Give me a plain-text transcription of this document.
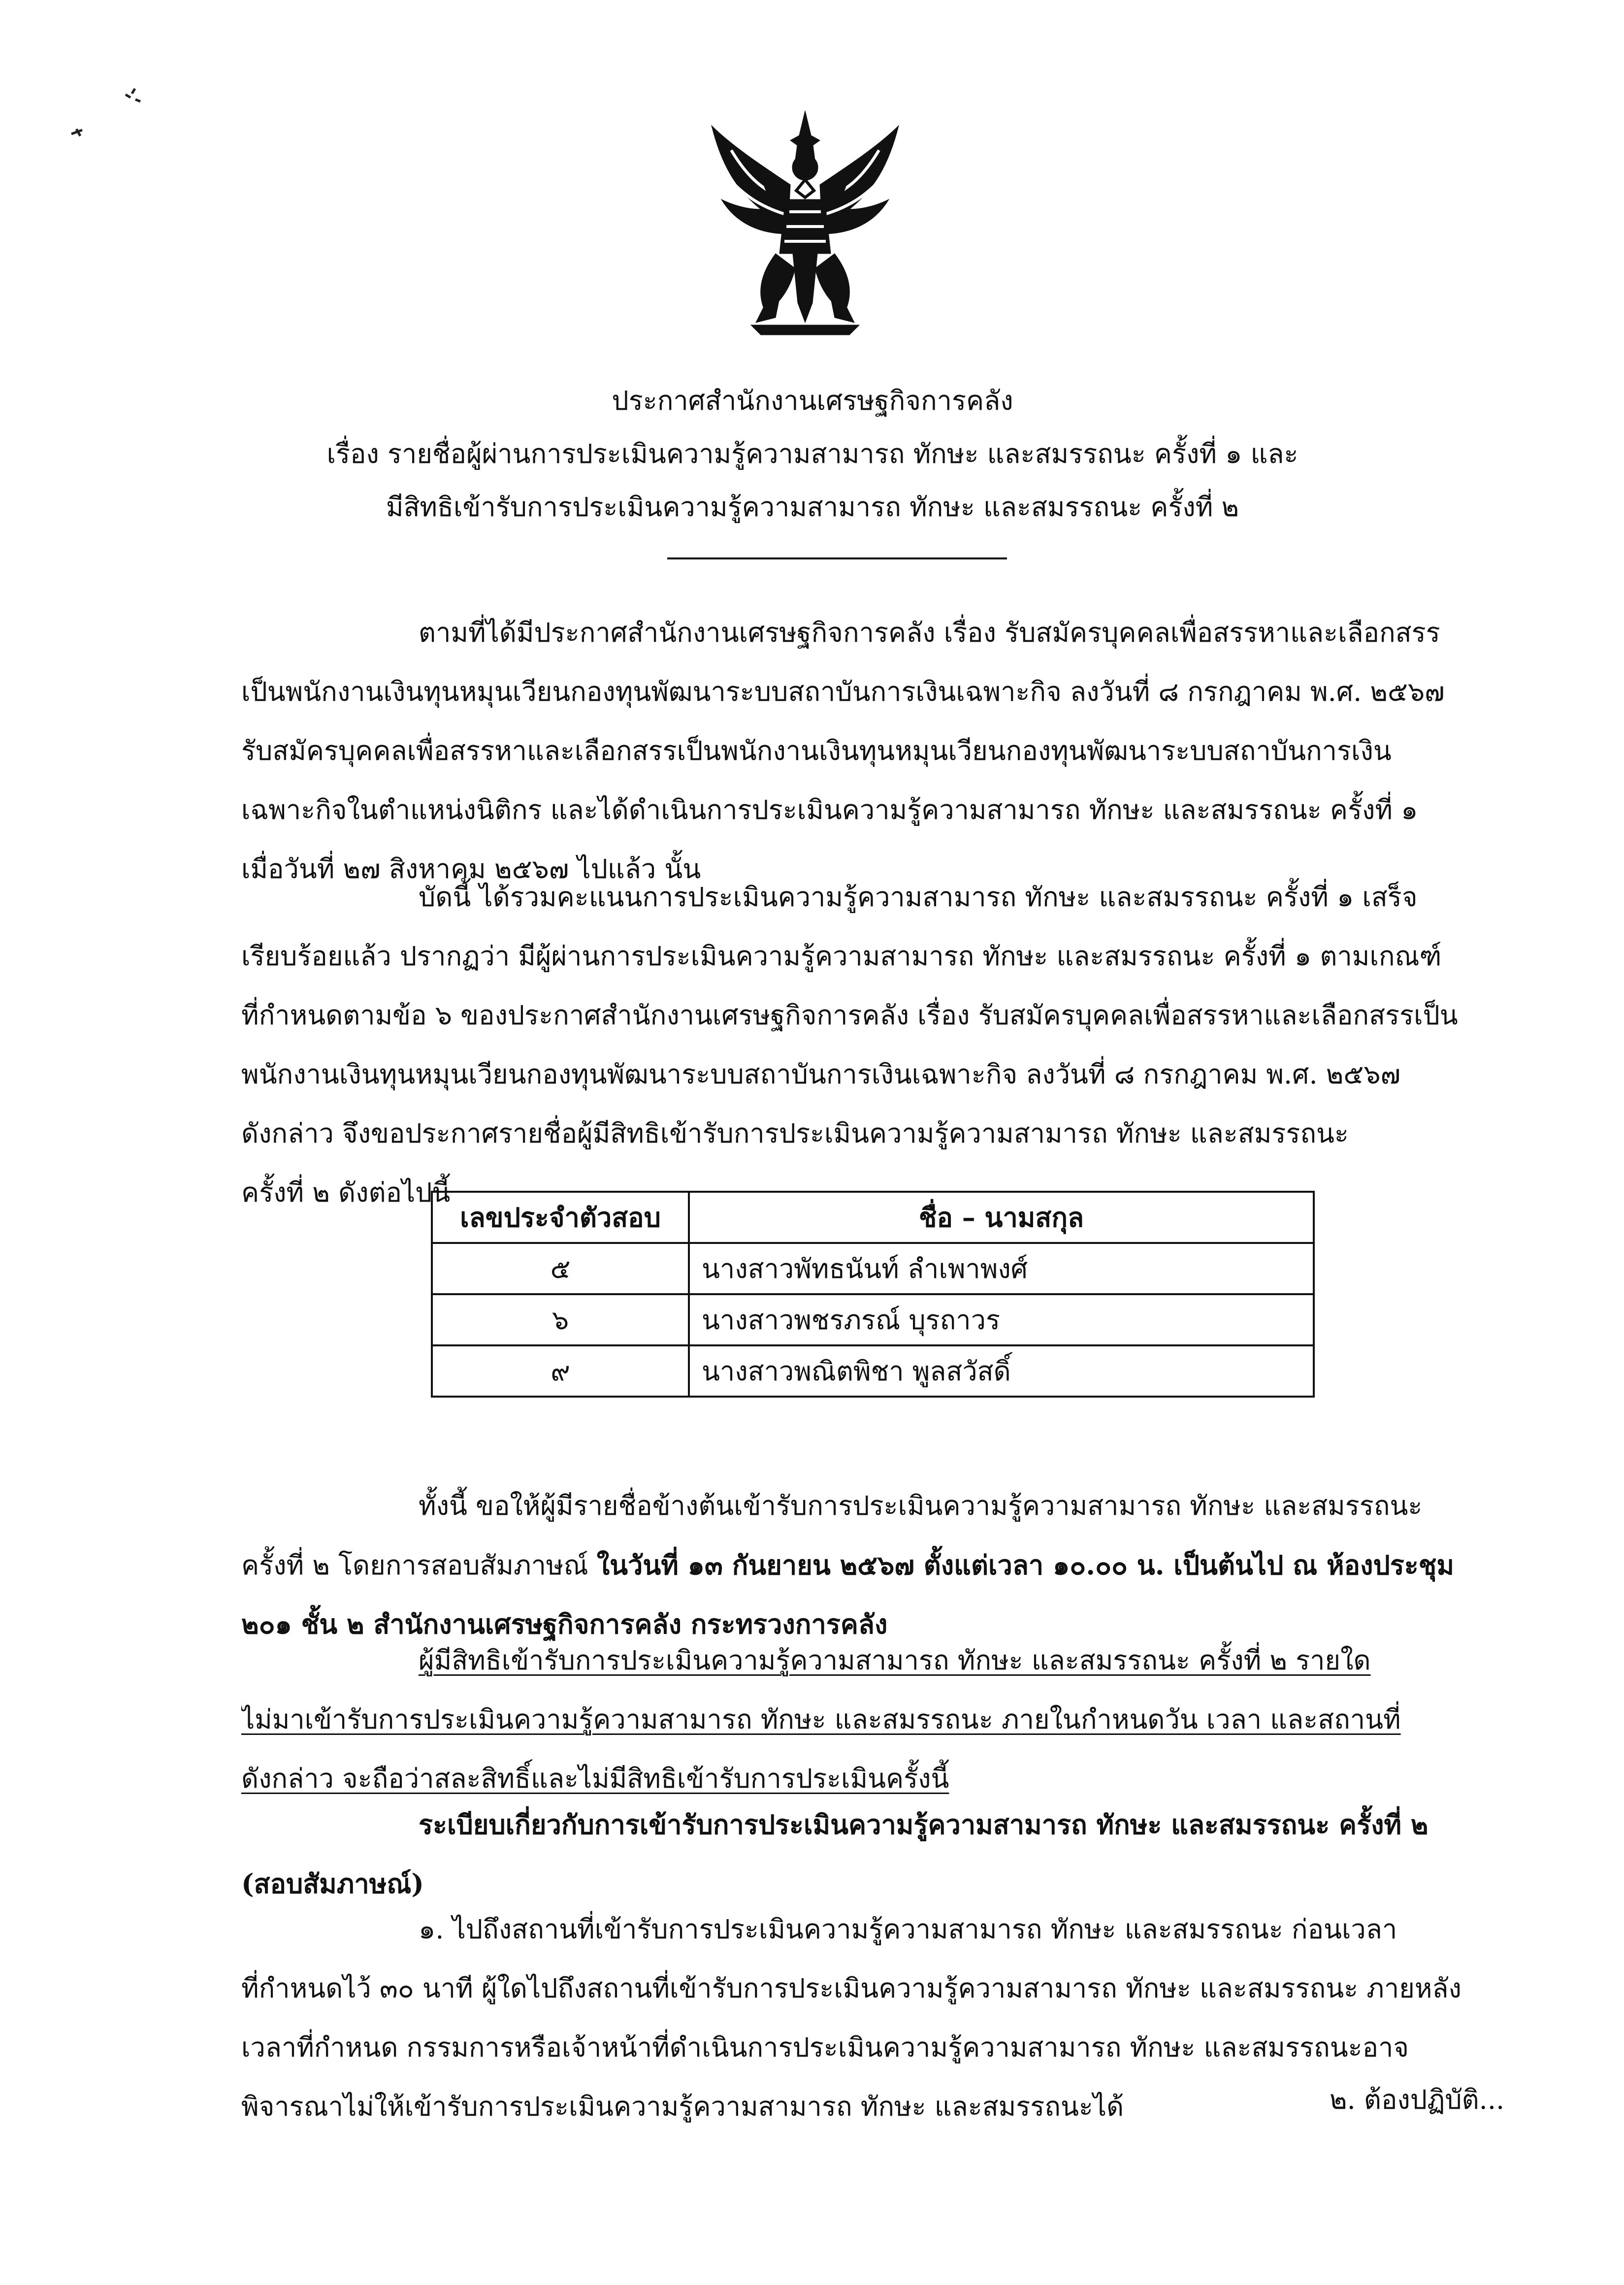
ประกาศสำนักงานเศรษฐกิจการคลัง
เรื่อง รายชื่อผู้ผ่านการประเมินความรู้ความสามารถ ทักษะ และสมรรถนะ ครั้งที่ ๑ และ
มีสิทธิเข้ารับการประเมินความรู้ความสามารถ ทักษะ และสมรรถนะ ครั้งที่ ๒
ตามที่ได้มีประกาศสำนักงานเศรษฐกิจการคลัง เรื่อง รับสมัครบุคคลเพื่อสรรหาและเลือกสรร
เป็นพนักงานเงินทุนหมุนเวียนกองทุนพัฒนาระบบสถาบันการเงินเฉพาะกิจ ลงวันที่ ๘ กรกฎาคม พ.ศ. ๒๕๖๗
รับสมัครบุคคลเพื่อสรรหาและเลือกสรรเป็นพนักงานเงินทุนหมุนเวียนกองทุนพัฒนาระบบสถาบันการเงิน
เฉพาะกิจในตำแหน่งนิติกร และได้ดำเนินการประเมินความรู้ความสามารถ ทักษะ และสมรรถนะ ครั้งที่ ๑
เมื่อวันที่ ๒๗ สิงหาคม ๒๕๖๗ ไปแล้ว นั้น
บัดนี้ ได้รวมคะแนนการประเมินความรู้ความสามารถ ทักษะ และสมรรถนะ ครั้งที่ ๑ เสร็จ
เรียบร้อยแล้ว ปรากฏว่า มีผู้ผ่านการประเมินความรู้ความสามารถ ทักษะ และสมรรถนะ ครั้งที่ ๑ ตามเกณฑ์
ที่กำหนดตามข้อ ๖ ของประกาศสำนักงานเศรษฐกิจการคลัง เรื่อง รับสมัครบุคคลเพื่อสรรหาและเลือกสรรเป็น
พนักงานเงินทุนหมุนเวียนกองทุนพัฒนาระบบสถาบันการเงินเฉพาะกิจ ลงวันที่ ๘ กรกฎาคม พ.ศ. ๒๕๖๗
ดังกล่าว จึงขอประกาศรายชื่อผู้มีสิทธิเข้ารับการประเมินความรู้ความสามารถ ทักษะ และสมรรถนะ
ครั้งที่ ๒ ดังต่อไปนี้
เลขประจำตัวสอบ	ชื่อ – นามสกุล
๕	นางสาวพัทธนันท์ ลำเพาพงศ์
๖	นางสาวพชรภรณ์ บุรถาวร
๙	นางสาวพณิตพิชา พูลสวัสดิ์
ทั้งนี้ ขอให้ผู้มีรายชื่อข้างต้นเข้ารับการประเมินความรู้ความสามารถ ทักษะ และสมรรถนะ
ครั้งที่ ๒ โดยการสอบสัมภาษณ์ ในวันที่ ๑๓ กันยายน ๒๕๖๗ ตั้งแต่เวลา ๑๐.๐๐ น. เป็นต้นไป ณ ห้องประชุม
๒๐๑ ชั้น ๒ สำนักงานเศรษฐกิจการคลัง กระทรวงการคลัง
ผู้มีสิทธิเข้ารับการประเมินความรู้ความสามารถ ทักษะ และสมรรถนะ ครั้งที่ ๒ รายใด
ไม่มาเข้ารับการประเมินความรู้ความสามารถ ทักษะ และสมรรถนะ ภายในกำหนดวัน เวลา และสถานที่
ดังกล่าว จะถือว่าสละสิทธิ์และไม่มีสิทธิเข้ารับการประเมินครั้งนี้
ระเบียบเกี่ยวกับการเข้ารับการประเมินความรู้ความสามารถ ทักษะ และสมรรถนะ ครั้งที่ ๒
(สอบสัมภาษณ์)
๑. ไปถึงสถานที่เข้ารับการประเมินความรู้ความสามารถ ทักษะ และสมรรถนะ ก่อนเวลา
ที่กำหนดไว้ ๓๐ นาที ผู้ใดไปถึงสถานที่เข้ารับการประเมินความรู้ความสามารถ ทักษะ และสมรรถนะ ภายหลัง
เวลาที่กำหนด กรรมการหรือเจ้าหน้าที่ดำเนินการประเมินความรู้ความสามารถ ทักษะ และสมรรถนะอาจ
พิจารณาไม่ให้เข้ารับการประเมินความรู้ความสามารถ ทักษะ และสมรรถนะได้	๒. ต้องปฏิบัติ...
